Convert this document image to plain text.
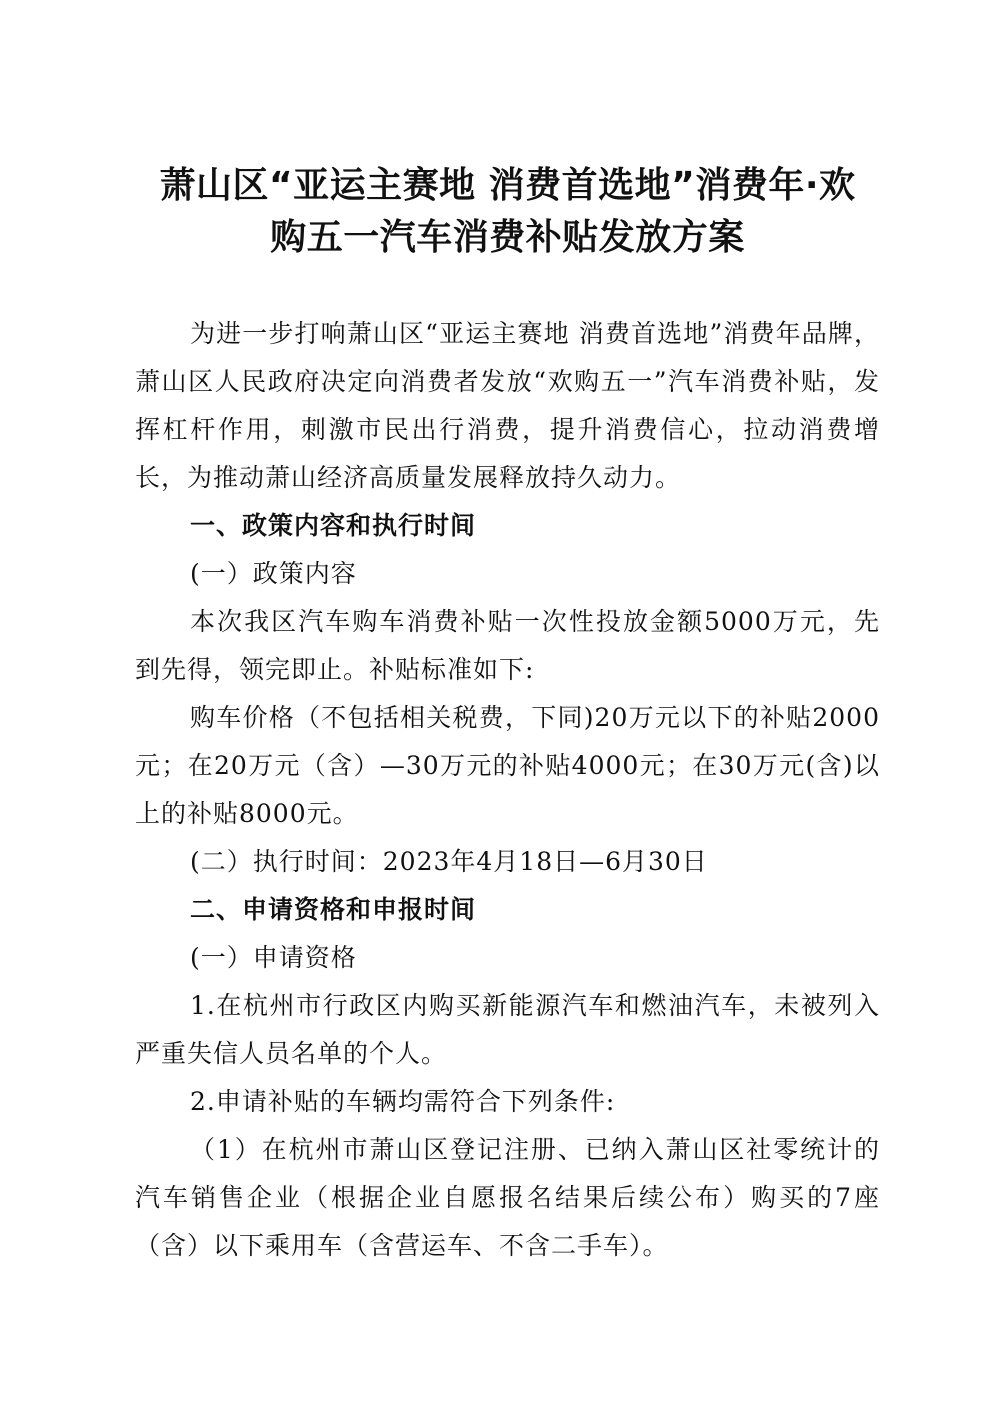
萧山区“亚运主赛地 消费首选地”消费年·欢
购五一汽车消费补贴发放方案

为进一步打响萧山区“亚运主赛地 消费首选地”消费年品牌，萧山区人民政府决定向消费者发放“欢购五一”汽车消费补贴，发挥杠杆作用，刺激市民出行消费，提升消费信心，拉动消费增长，为推动萧山经济高质量发展释放持久动力。

一、政策内容和执行时间

(一）政策内容

本次我区汽车购车消费补贴一次性投放金额5000万元，先到先得，领完即止。补贴标准如下:

购车价格（不包括相关税费，下同)20万元以下的补贴2000元；在20万元（含）—30万元的补贴4000元；在30万元(含)以上的补贴8000元。

(二）执行时间：2023年4月18日—6月30日

二、申请资格和申报时间

(一）申请资格

1.在杭州市行政区内购买新能源汽车和燃油汽车，未被列入严重失信人员名单的个人。

2.申请补贴的车辆均需符合下列条件:

（1）在杭州市萧山区登记注册、已纳入萧山区社零统计的汽车销售企业（根据企业自愿报名结果后续公布）购买的7座（含）以下乘用车（含营运车、不含二手车）。
